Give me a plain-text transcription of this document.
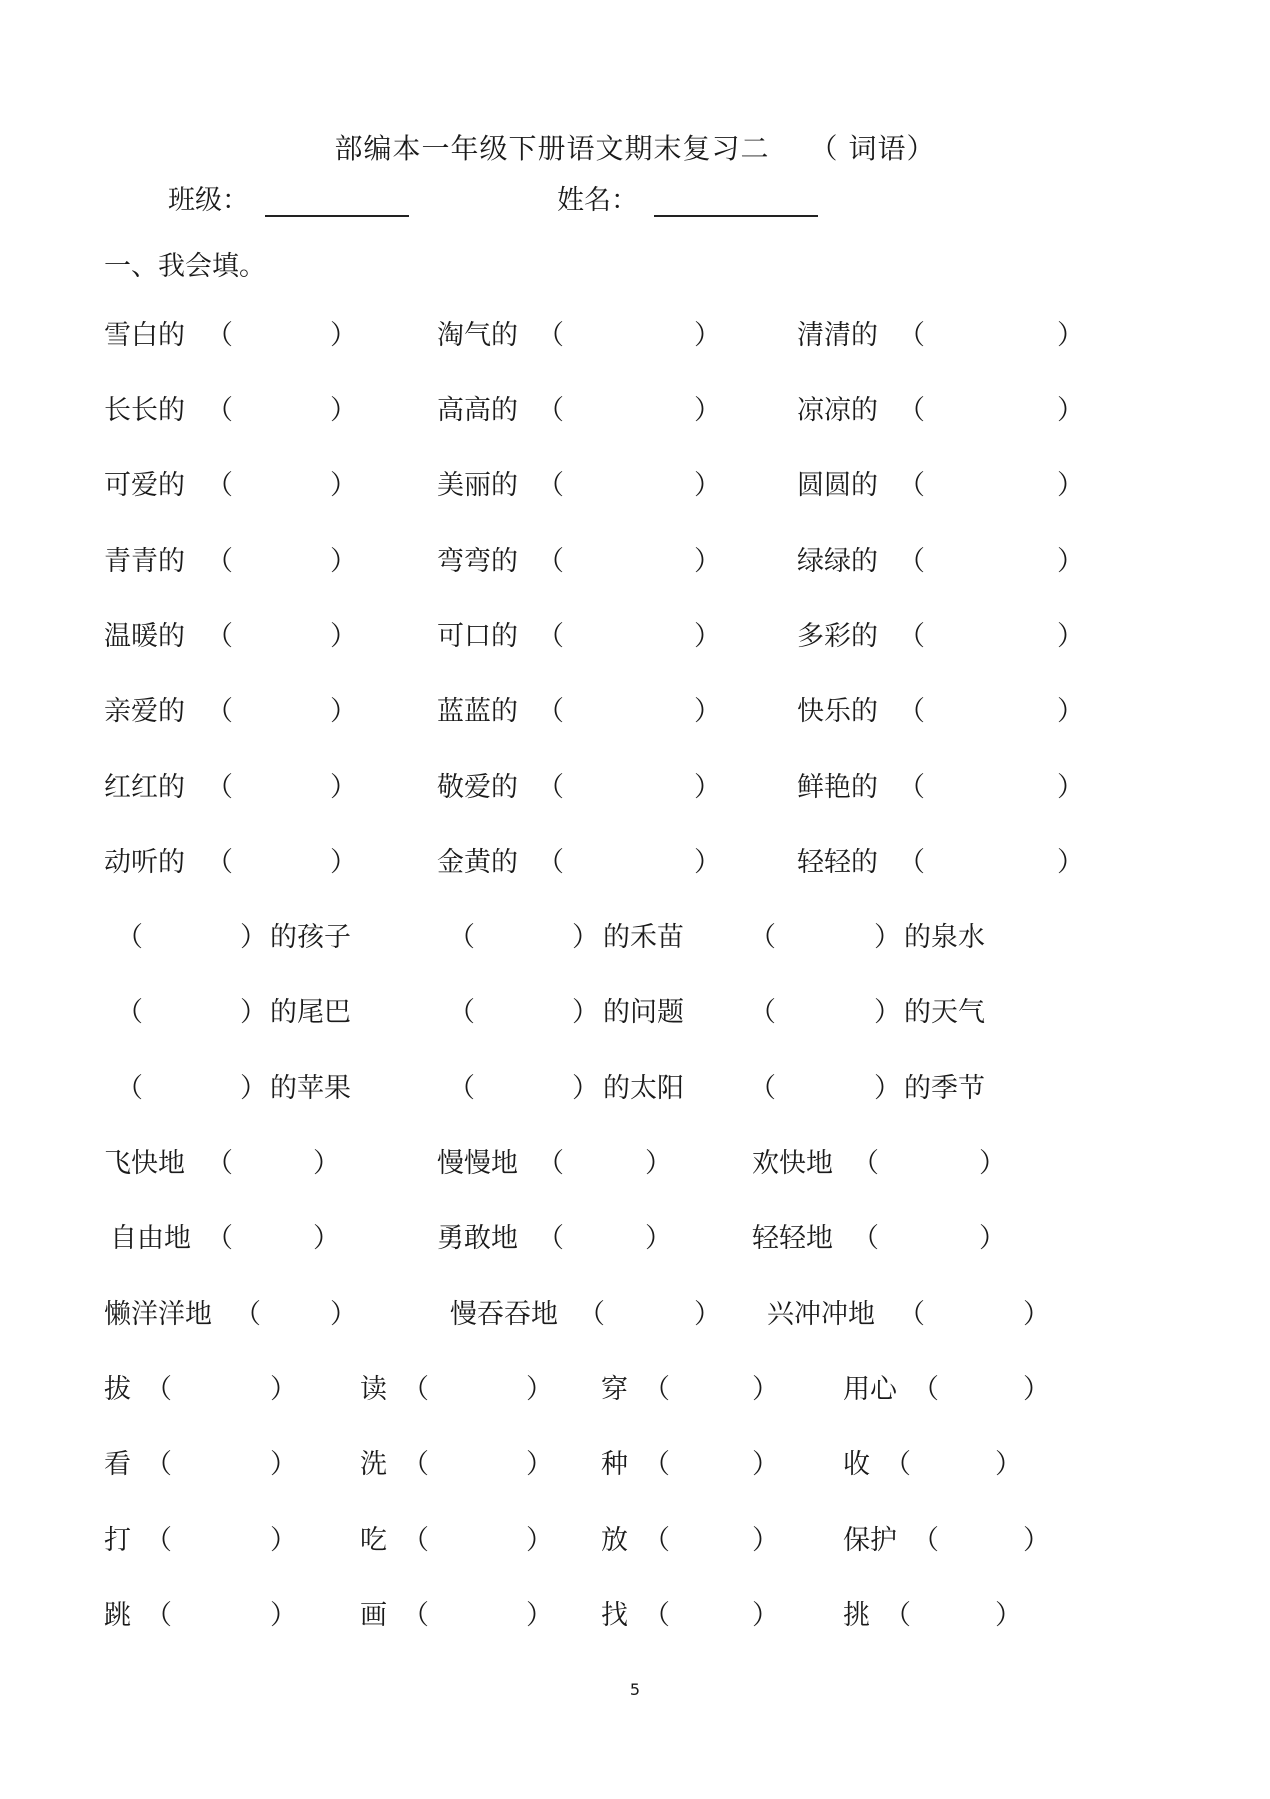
部编本一年级下册语文期末复习二 （ 词语）
班级：	姓名：
一、我会填。
雪白的 （	）	淘气的 （	）	清清的 （	）
长长的 （	）	高高的 （	）	凉凉的 （	）
可爱的 （	）	美丽的 （	）	圆圆的 （	）
青青的 （	）	弯弯的 （	）	绿绿的 （	）
温暖的 （	）	可口的 （	）	多彩的 （	）
亲爱的 （	）	蓝蓝的 （	）	快乐的 （	）
红红的 （	）	敬爱的 （	）	鲜艳的 （	）
动听的 （	）	金黄的 （	）	轻轻的 （	）
（	） 的孩子	（	） 的禾苗 （	） 的泉水
（	） 的尾巴	（	） 的问题 （	） 的天气
（	） 的苹果	（	） 的太阳 （	） 的季节
飞快地 （	）	慢慢地 （	）	欢快地 （	）
自由地 （	）	勇敢地 （	）	轻轻地 （	）
懒洋洋地 （	）	慢吞吞地 （	） 兴冲冲地 （	）
拔 （	） 读 （	） 穿 （	） 用心 （	）
看 （	） 洗 （	） 种 （	） 收 （	）
打 （	） 吃 （	） 放 （	） 保护 （	）
跳 （	） 画 （	） 找 （	） 挑 （	）
5
